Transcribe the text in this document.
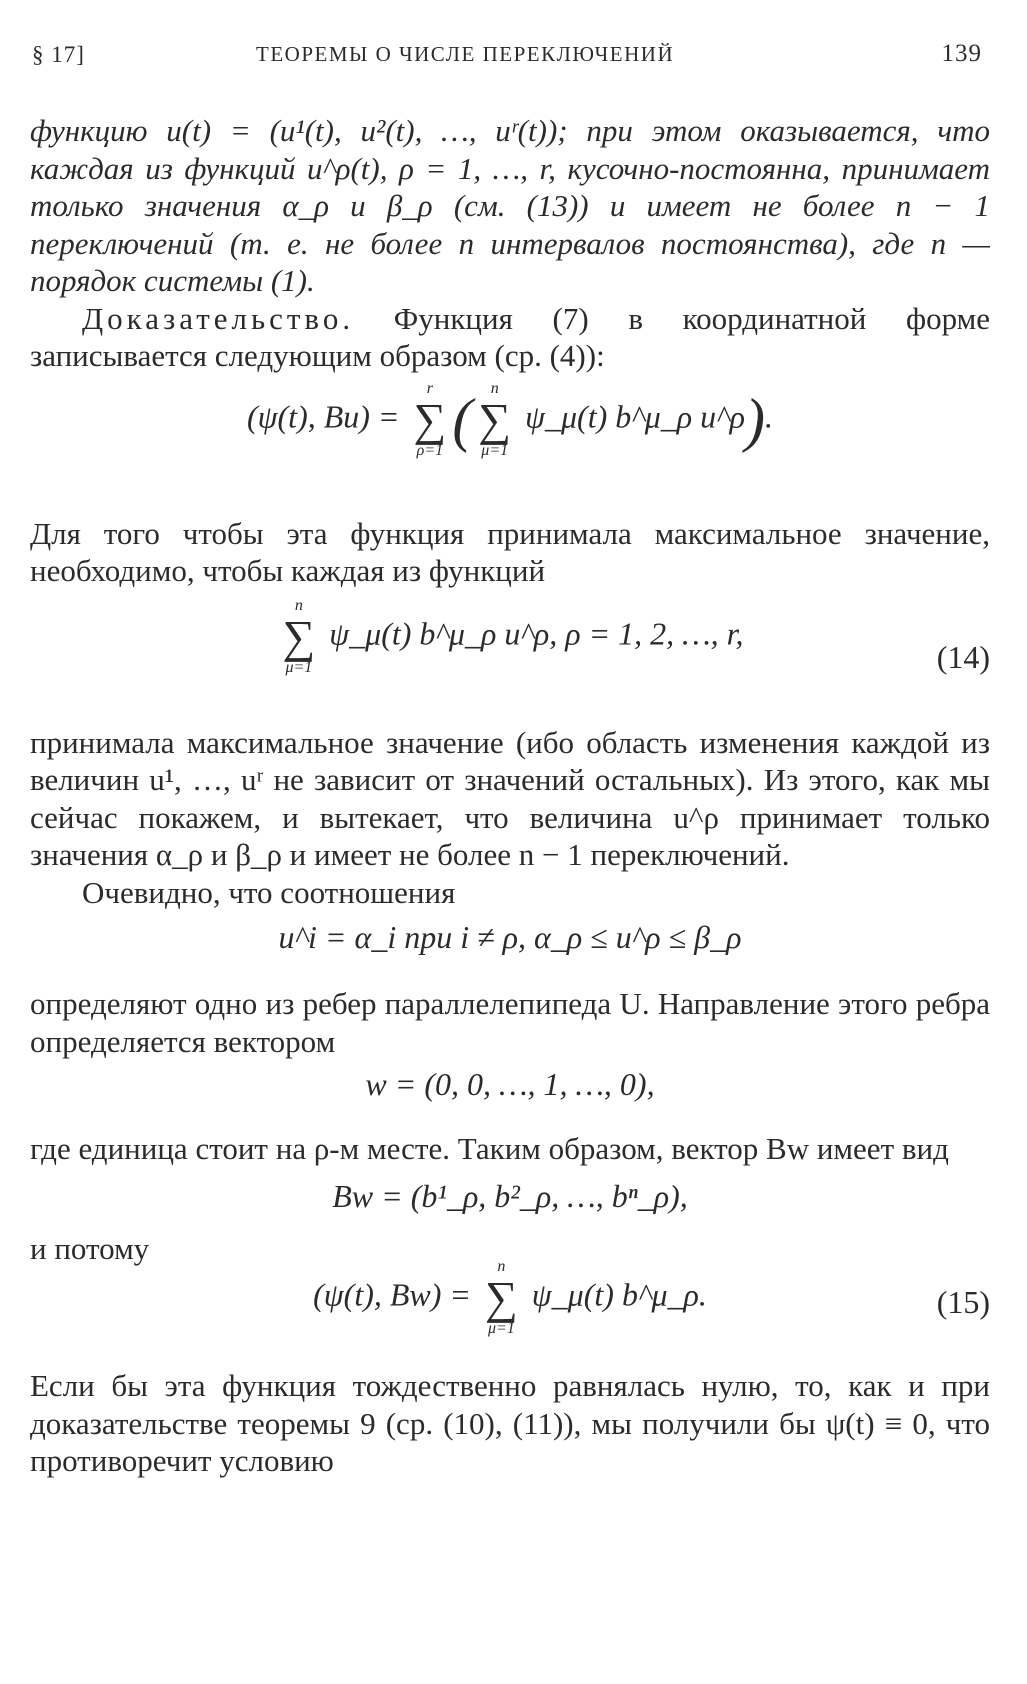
§ 17]	ТЕОРЕМЫ О ЧИСЛЕ ПЕРЕКЛЮЧЕНИЙ	139

функцию u(t) = (u¹(t), u²(t), …, uʳ(t)); при этом оказывается, что каждая из функций u^ρ(t), ρ = 1, …, r, кусочно-постоянна, принимает только значения α_ρ и β_ρ (см. (13)) и имеет не более n − 1 переключений (т. е. не более n интервалов постоянства), где n — порядок системы (1).

Доказательство. Функция (7) в координатной форме записывается следующим образом (ср. (4)):

(ψ(t), Bu) =
r
∑
ρ=1 (	n
∑
μ=1
ψ_μ(t) b^μ_ρ u^ρ).

Для того чтобы эта функция принимала максимальное значение, необходимо, чтобы каждая из функций

n
∑
μ=1
ψ_μ(t) b^μ_ρ u^ρ, ρ = 1, 2, …, r,
(14)

принимала максимальное значение (ибо область изменения каждой из величин u¹, …, uʳ не зависит от значений остальных). Из этого, как мы сейчас покажем, и вытекает, что величина u^ρ принимает только значения α_ρ и β_ρ и имеет не более n − 1 переключений.

Очевидно, что соотношения

u^i = α_i при i ≠ ρ, α_ρ ≤ u^ρ ≤ β_ρ

определяют одно из ребер параллелепипеда U. Направление этого ребра определяется вектором

w = (0, 0, …, 1, …, 0),

где единица стоит на ρ-м месте. Таким образом, вектор Bw имеет вид

Bw = (b¹_ρ, b²_ρ, …, bⁿ_ρ),

и потому

(ψ(t), Bw) =
n
∑
μ=1
ψ_μ(t) b^μ_ρ.	(15)

Если бы эта функция тождественно равнялась нулю, то, как и при доказательстве теоремы 9 (ср. (10), (11)), мы получили бы ψ(t) ≡ 0, что противоречит условию
